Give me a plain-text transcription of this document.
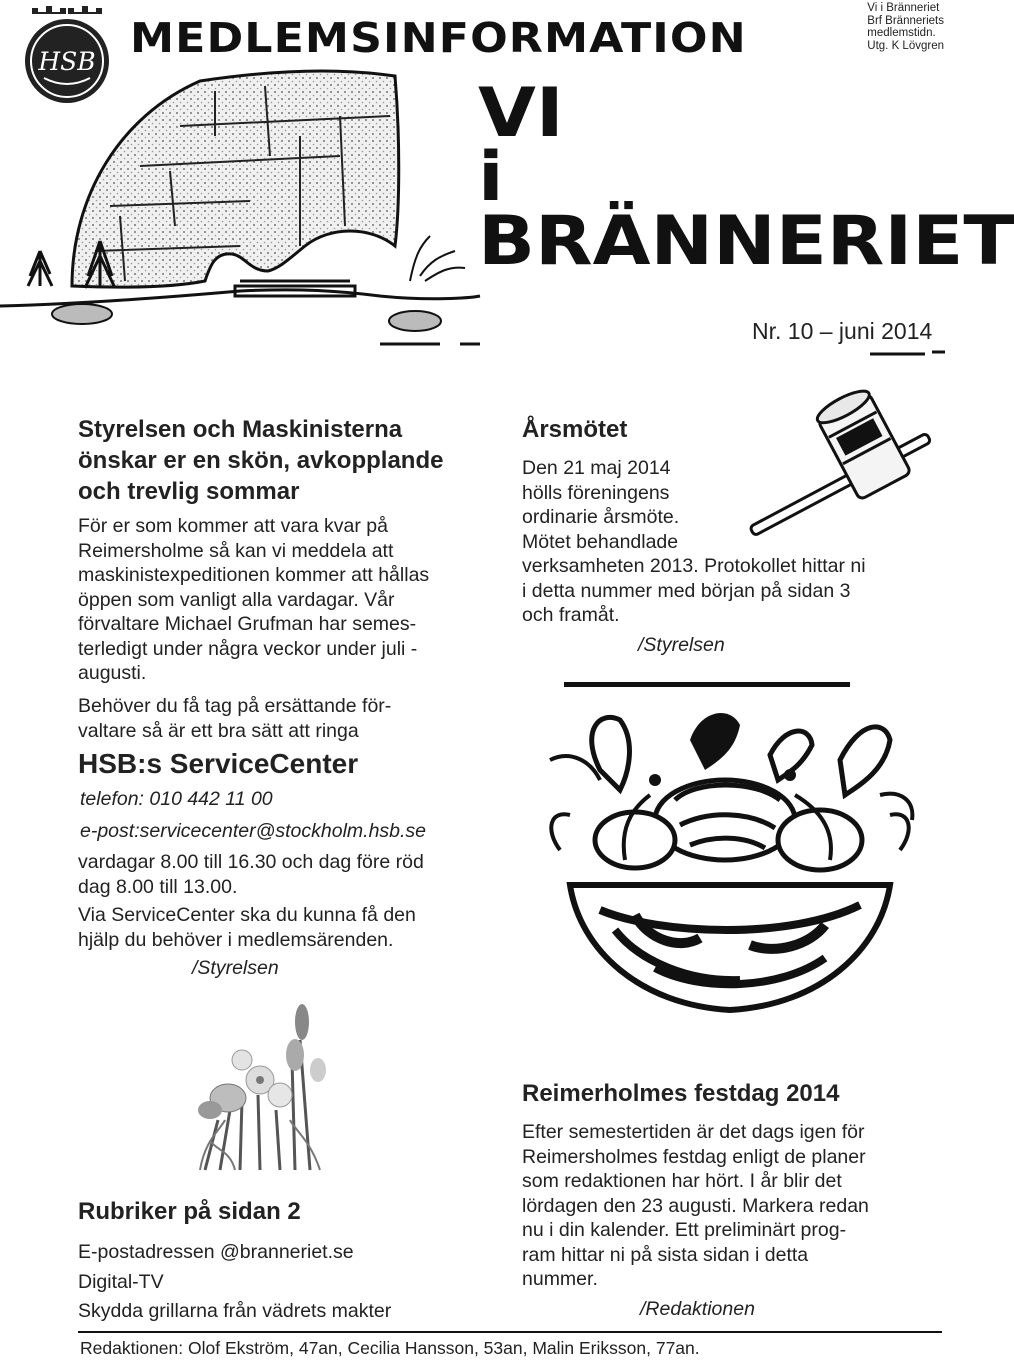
Vi i Bränneriet
Brf Bränneriets
medlemstidn.
Utg. K Lövgren
HSB MEDLEMSINFORMATION
VI
i
BRÄNNERIET
Nr. 10 – juni 2014
Styrelsen och Maskinisterna
önskar er en skön, avkopplande
och trevlig sommar
För er som kommer att vara kvar på
Reimersholme så kan vi meddela att
maskinistexpeditionen kommer att hållas
öppen som vanligt alla vardagar. Vår
förvaltare Michael Grufman har semes-
terledigt under några veckor under juli -
augusti.
Behöver du få tag på ersättande för-
valtare så är ett bra sätt att ringa
HSB:s ServiceCenter
telefon: 010 442 11 00
e-post:servicecenter@stockholm.hsb.se
vardagar 8.00 till 16.30 och dag före röd
dag 8.00 till 13.00.
Via ServiceCenter ska du kunna få den
hjälp du behöver i medlemsärenden.
/Styrelsen
Årsmötet
Den 21 maj 2014
hölls föreningens
ordinarie årsmöte.
Mötet behandlade
verksamheten 2013. Protokollet hittar ni
i detta nummer med början på sidan 3
och framåt.
/Styrelsen
Reimerholmes festdag 2014
Efter semestertiden är det dags igen för
Reimersholmes festdag enligt de planer
som redaktionen har hört. I år blir det
lördagen den 23 augusti. Markera redan
nu i din kalender. Ett preliminärt prog-
ram hittar ni på sista sidan i detta
nummer.
/Redaktionen
Rubriker på sidan 2
E-postadressen @branneriet.se
Digital-TV
Skydda grillarna från vädrets makter
Redaktionen: Olof Ekström, 47an, Cecilia Hansson, 53an, Malin Eriksson, 77an.
